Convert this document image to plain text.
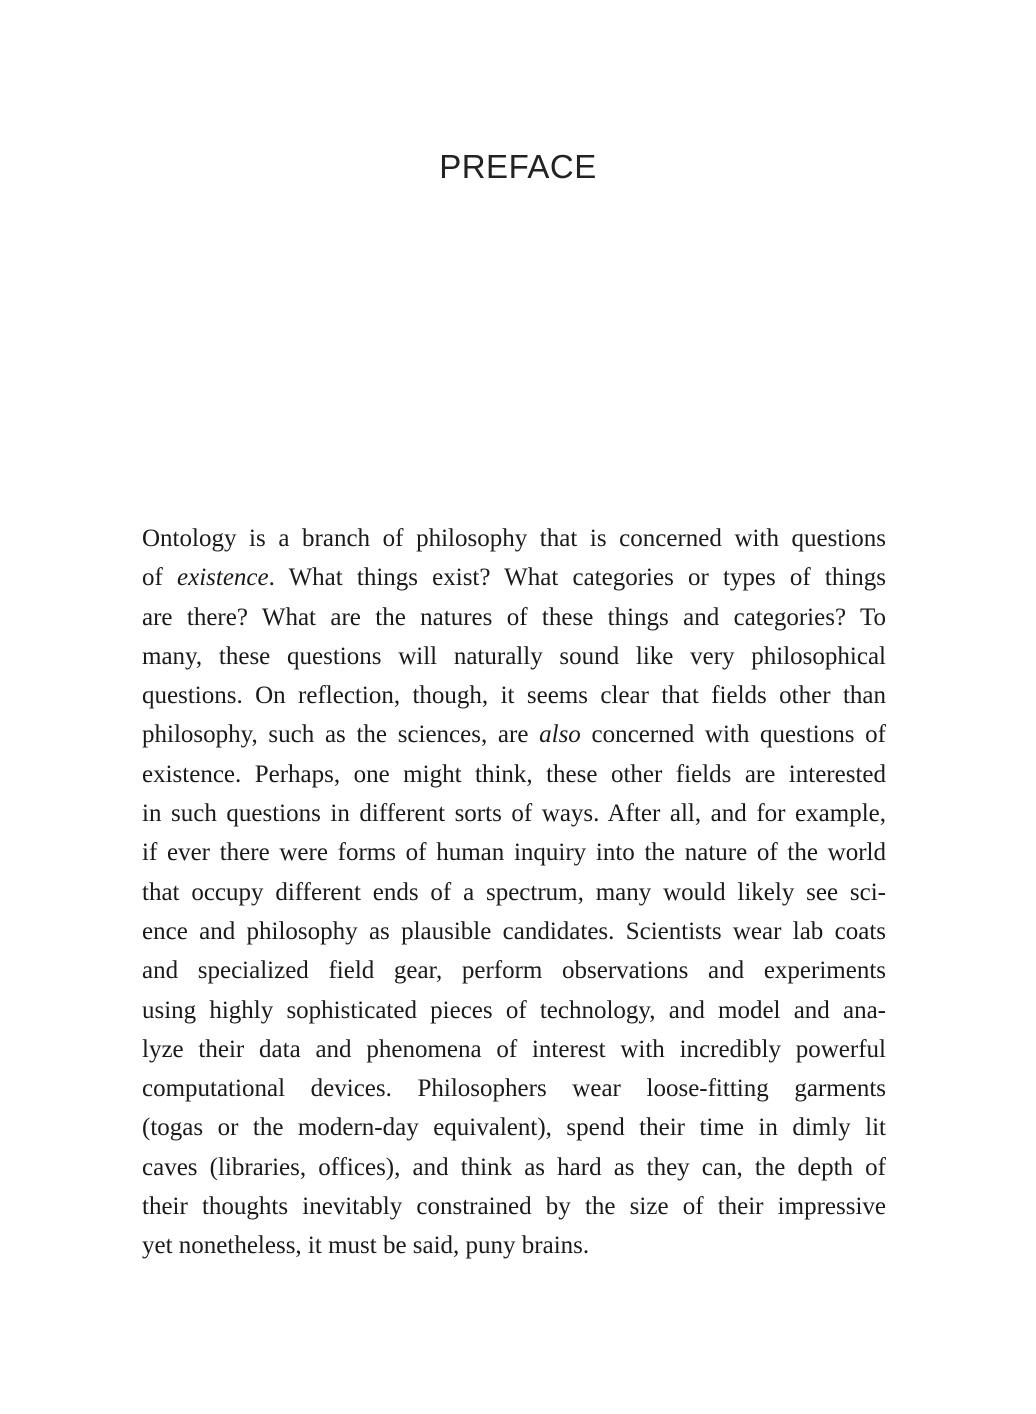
PREFACE
Ontology is a branch of philosophy that is concerned with questions
of existence. What things exist? What categories or types of things
are there? What are the natures of these things and categories? To
many, these questions will naturally sound like very philosophical
questions. On reflection, though, it seems clear that fields other than
philosophy, such as the sciences, are also concerned with questions of
existence. Perhaps, one might think, these other fields are interested
in such questions in different sorts of ways. After all, and for example,
if ever there were forms of human inquiry into the nature of the world
that occupy different ends of a spectrum, many would likely see sci-
ence and philosophy as plausible candidates. Scientists wear lab coats
and specialized field gear, perform observations and experiments
using highly sophisticated pieces of technology, and model and ana-
lyze their data and phenomena of interest with incredibly powerful
computational devices. Philosophers wear loose-fitting garments
(togas or the modern-day equivalent), spend their time in dimly lit
caves (libraries, offices), and think as hard as they can, the depth of
their thoughts inevitably constrained by the size of their impressive
yet nonetheless, it must be said, puny brains.
